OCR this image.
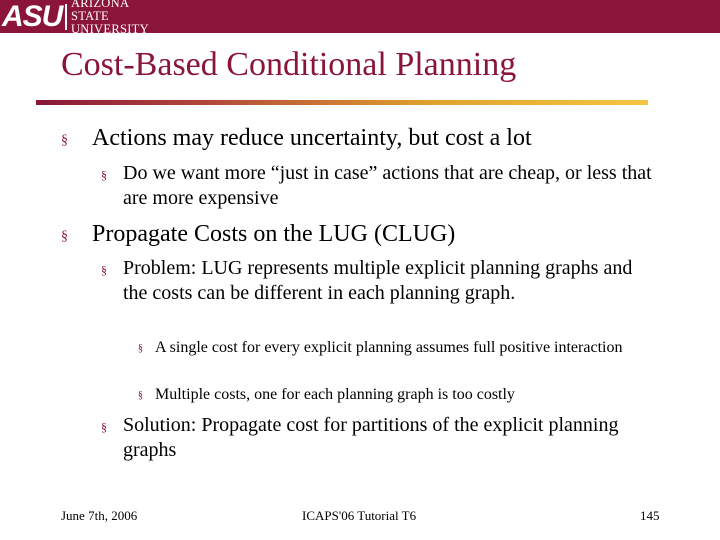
ASU ARIZONA STATE
UNIVERSITY
Cost-Based Conditional Planning
§ Actions may reduce uncertainty, but cost a lot
§ Do we want more “just in case” actions that are cheap, or less that are more expensive
§ Propagate Costs on the LUG (CLUG)
§ Problem: LUG represents multiple explicit planning graphs and the costs can be different in each planning graph.
§ A single cost for every explicit planning assumes full positive interaction
§ Multiple costs, one for each planning graph is too costly
§ Solution: Propagate cost for partitions of the explicit planning graphs
June 7th, 2006	ICAPS'06 Tutorial T6	145
